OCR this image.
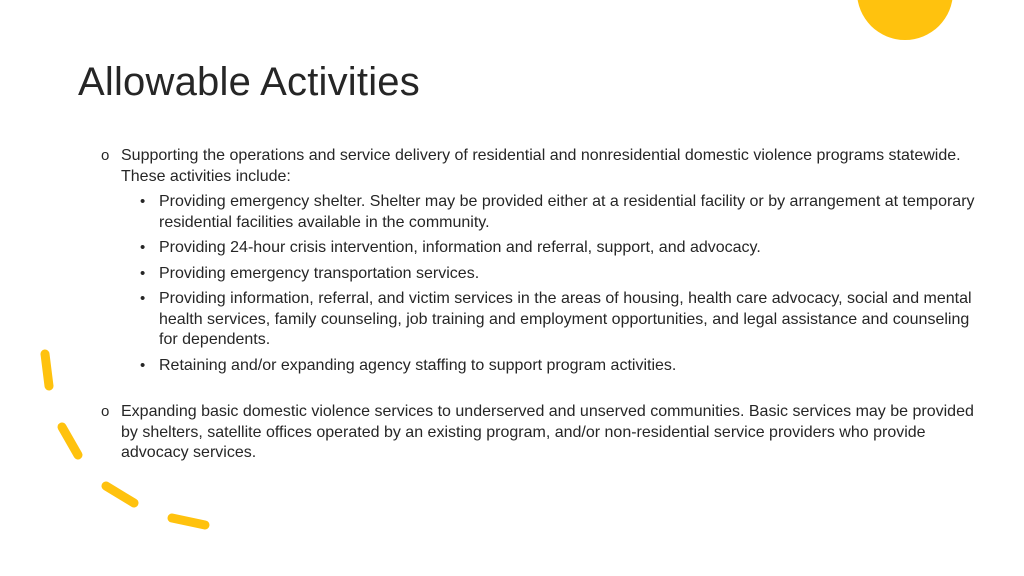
Allowable Activities
o Supporting the operations and service delivery of residential and nonresidential domestic violence programs statewide. These activities include:
• Providing emergency shelter. Shelter may be provided either at a residential facility or by arrangement at temporary residential facilities available in the community.
• Providing 24-hour crisis intervention, information and referral, support, and advocacy.
• Providing emergency transportation services.
• Providing information, referral, and victim services in the areas of housing, health care advocacy, social and mental health services, family counseling, job training and employment opportunities, and legal assistance and counseling for dependents.
• Retaining and/or expanding agency staffing to support program activities.
o Expanding basic domestic violence services to underserved and unserved communities. Basic services may be provided by shelters, satellite offices operated by an existing program, and/or non-residential service providers who provide advocacy services.
